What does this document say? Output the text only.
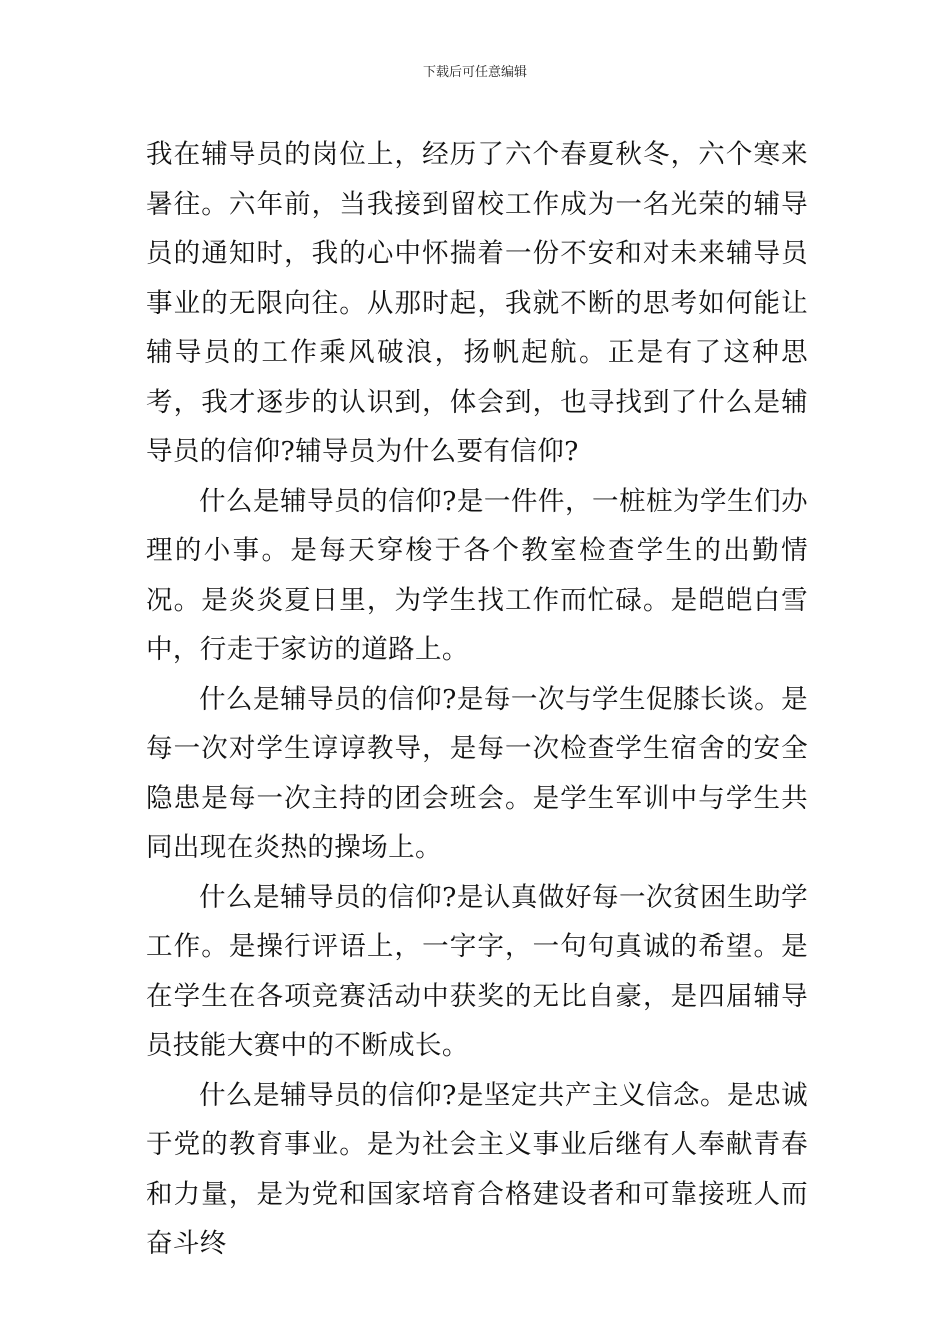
下载后可任意编辑

我在辅导员的岗位上，经历了六个春夏秋冬，六个寒来暑往。六年前，当我接到留校工作成为一名光荣的辅导员的通知时，我的心中怀揣着一份不安和对未来辅导员事业的无限向往。从那时起，我就不断的思考如何能让辅导员的工作乘风破浪，扬帆起航。正是有了这种思考，我才逐步的认识到，体会到，也寻找到了什么是辅导员的信仰?辅导员为什么要有信仰?

什么是辅导员的信仰?是一件件，一桩桩为学生们办理的小事。是每天穿梭于各个教室检查学生的出勤情况。是炎炎夏日里，为学生找工作而忙碌。是皑皑白雪中，行走于家访的道路上。

什么是辅导员的信仰?是每一次与学生促膝长谈。是每一次对学生谆谆教导，是每一次检查学生宿舍的安全隐患是每一次主持的团会班会。是学生军训中与学生共同出现在炎热的操场上。

什么是辅导员的信仰?是认真做好每一次贫困生助学工作。是操行评语上，一字字，一句句真诚的希望。是在学生在各项竞赛活动中获奖的无比自豪，是四届辅导员技能大赛中的不断成长。

什么是辅导员的信仰?是坚定共产主义信念。是忠诚于党的教育事业。是为社会主义事业后继有人奉献青春和力量，是为党和国家培育合格建设者和可靠接班人而奋斗终
